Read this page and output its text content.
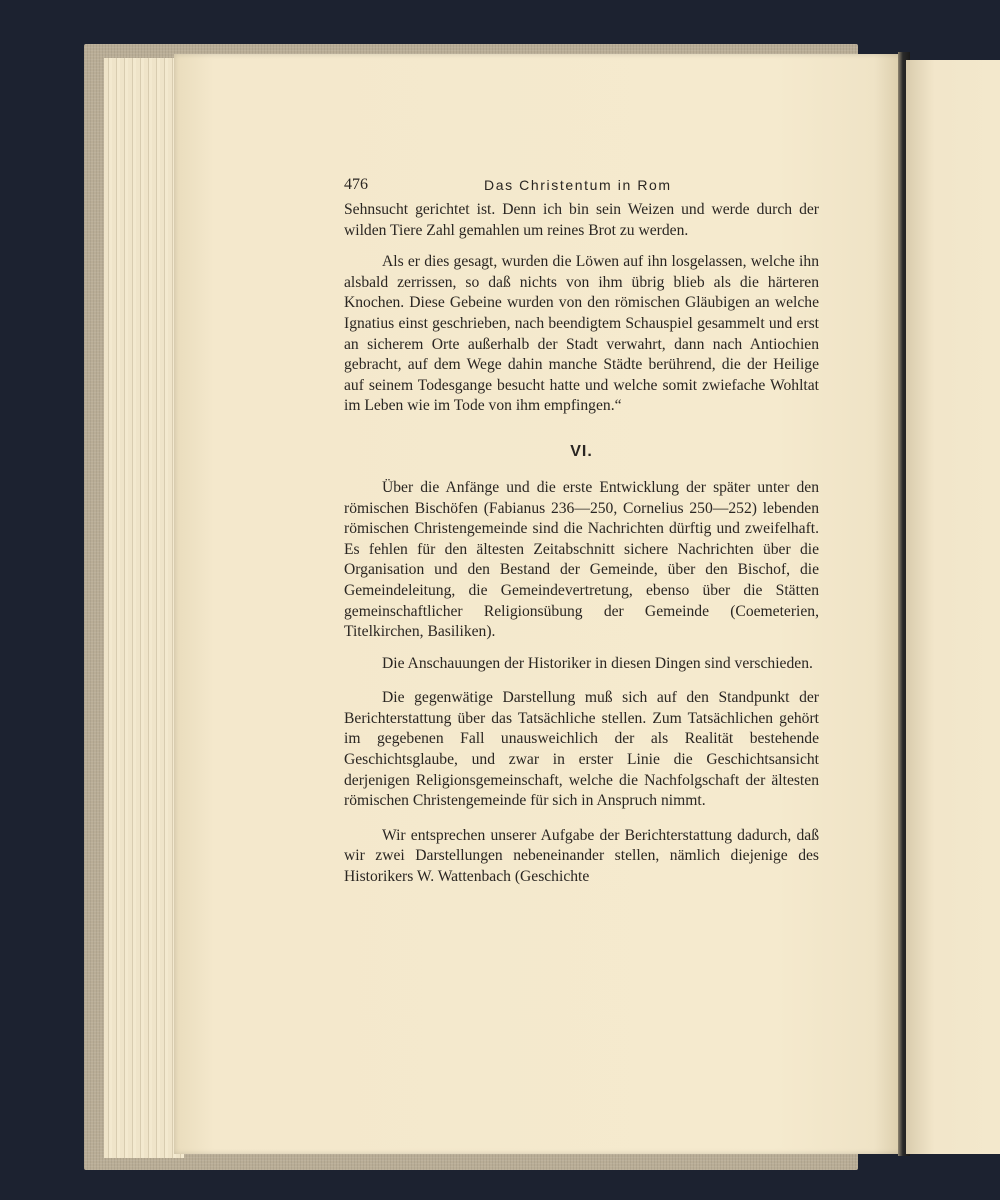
476	Das Christentum in Rom

Sehnsucht gerichtet ist. Denn ich bin sein Weizen und werde durch der wilden Tiere Zahl gemahlen um reines Brot zu werden.

Als er dies gesagt, wurden die Löwen auf ihn losgelassen, welche ihn alsbald zerrissen, so daß nichts von ihm übrig blieb als die härteren Knochen. Diese Gebeine wurden von den römischen Gläubigen an welche Ignatius einst geschrieben, nach beendigtem Schauspiel gesammelt und erst an sicherem Orte außerhalb der Stadt verwahrt, dann nach Antiochien gebracht, auf dem Wege dahin manche Städte berührend, die der Heilige auf seinem Todesgange besucht hatte und welche somit zwiefache Wohltat im Leben wie im Tode von ihm empfingen.“

VI.

Über die Anfänge und die erste Entwicklung der später unter den römischen Bischöfen (Fabianus 236—250, Cornelius 250—252) lebenden römischen Christengemeinde sind die Nachrichten dürftig und zweifelhaft. Es fehlen für den ältesten Zeitabschnitt sichere Nachrichten über die Organisation und den Bestand der Gemeinde, über den Bischof, die Gemeindeleitung, die Gemeindevertretung, ebenso über die Stätten gemeinschaftlicher Religionsübung der Gemeinde (Coemeterien, Titelkirchen, Basiliken).

Die Anschauungen der Historiker in diesen Dingen sind verschieden.

Die gegenwätige Darstellung muß sich auf den Standpunkt der Berichterstattung über das Tatsächliche stellen. Zum Tatsächlichen gehört im gegebenen Fall unausweichlich der als Realität bestehende Geschichtsglaube, und zwar in erster Linie die Geschichtsansicht derjenigen Religionsgemeinschaft, welche die Nachfolgschaft der ältesten römischen Christengemeinde für sich in Anspruch nimmt.

Wir entsprechen unserer Aufgabe der Berichterstattung dadurch, daß wir zwei Darstellungen nebeneinander stellen, nämlich diejenige des Historikers W. Wattenbach (Geschichte
